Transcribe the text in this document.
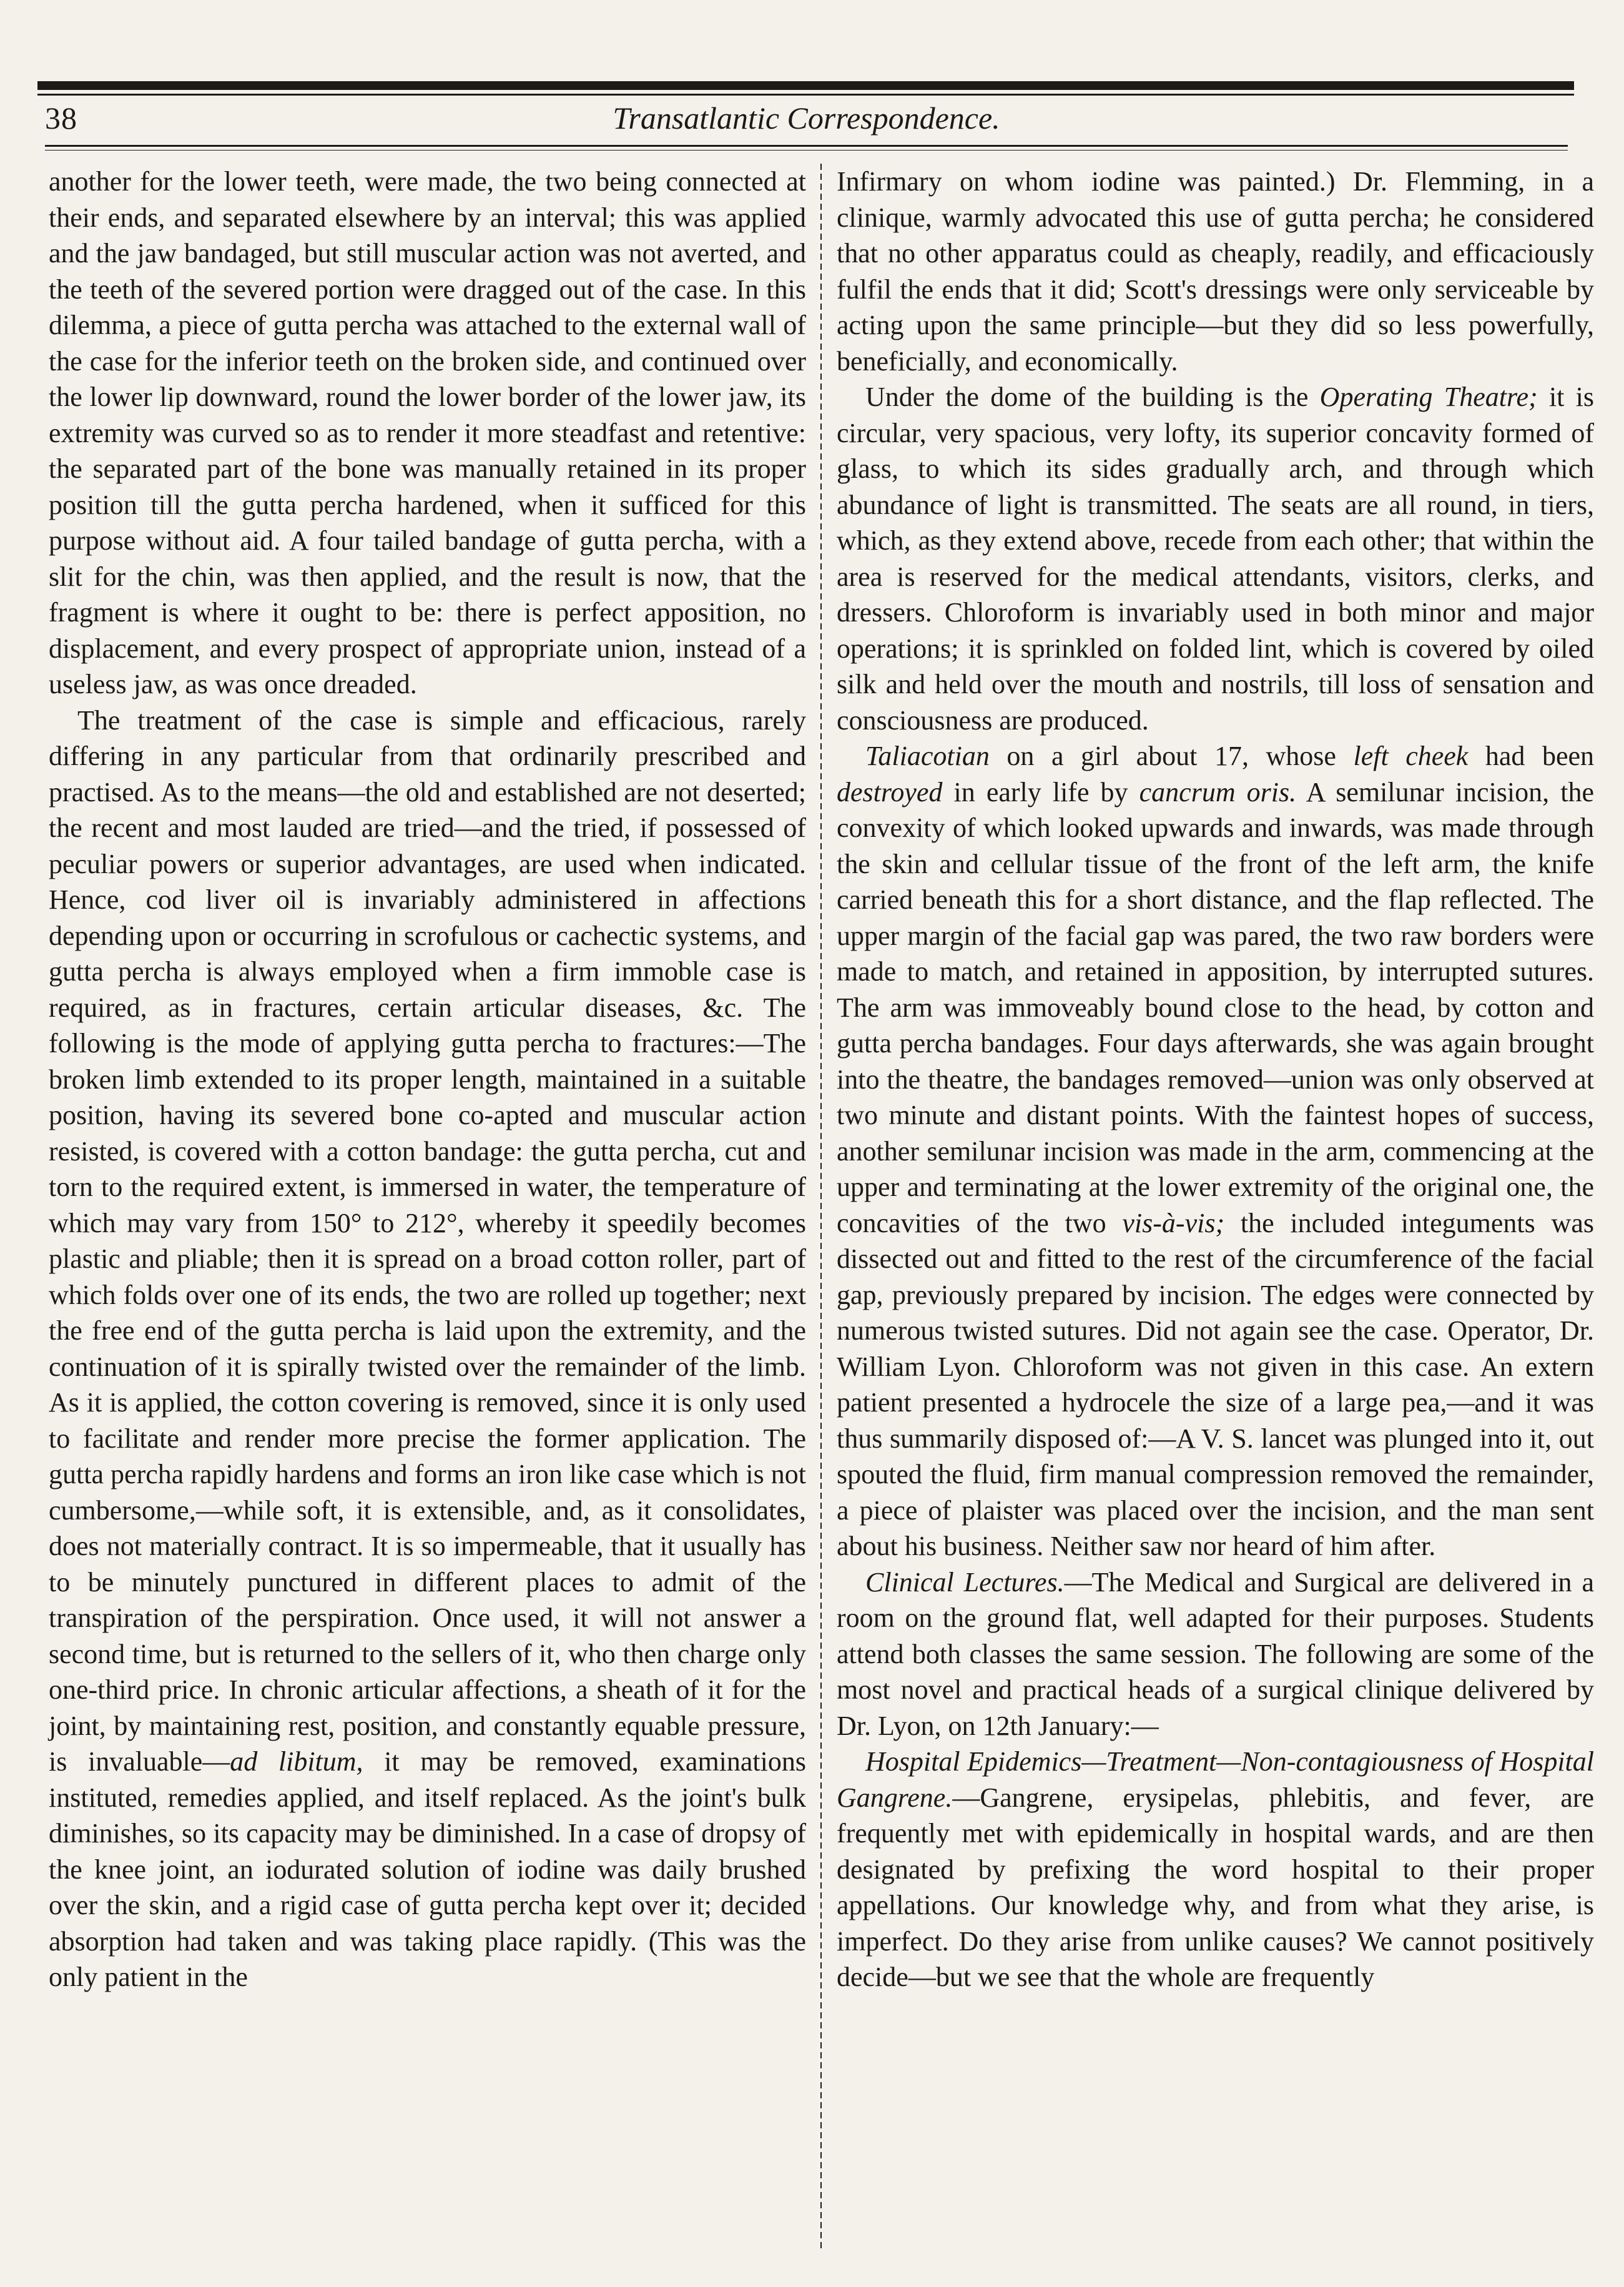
38	Transatlantic Correspondence.

another for the lower teeth, were made, the two being connected at their ends, and separated elsewhere by an interval; this was applied and the jaw bandaged, but still muscular action was not averted, and the teeth of the severed portion were dragged out of the case. In this dilemma, a piece of gutta percha was attached to the external wall of the case for the inferior teeth on the broken side, and continued over the lower lip downward, round the lower border of the lower jaw, its extremity was curved so as to render it more steadfast and retentive: the separated part of the bone was manually retained in its proper position till the gutta percha hardened, when it sufficed for this purpose without aid. A four tailed bandage of gutta percha, with a slit for the chin, was then applied, and the result is now, that the fragment is where it ought to be: there is perfect apposition, no displacement, and every prospect of appropriate union, instead of a useless jaw, as was once dreaded.

The treatment of the case is simple and efficacious, rarely differing in any particular from that ordinarily prescribed and practised. As to the means—the old and established are not deserted; the recent and most lauded are tried—and the tried, if possessed of peculiar powers or superior advantages, are used when indicated. Hence, cod liver oil is invariably administered in affections depending upon or occurring in scrofulous or cachectic systems, and gutta percha is always employed when a firm immoble case is required, as in fractures, certain articular diseases, &c. The following is the mode of applying gutta percha to fractures:—The broken limb extended to its proper length, maintained in a suitable position, having its severed bone co-apted and muscular action resisted, is covered with a cotton bandage: the gutta percha, cut and torn to the required extent, is immersed in water, the temperature of which may vary from 150° to 212°, whereby it speedily becomes plastic and pliable; then it is spread on a broad cotton roller, part of which folds over one of its ends, the two are rolled up together; next the free end of the gutta percha is laid upon the extremity, and the continuation of it is spirally twisted over the remainder of the limb. As it is applied, the cotton covering is removed, since it is only used to facilitate and render more precise the former application. The gutta percha rapidly hardens and forms an iron like case which is not cumbersome,—while soft, it is extensible, and, as it consolidates, does not materially contract. It is so impermeable, that it usually has to be minutely punctured in different places to admit of the transpiration of the perspiration. Once used, it will not answer a second time, but is returned to the sellers of it, who then charge only one-third price. In chronic articular affections, a sheath of it for the joint, by maintaining rest, position, and constantly equable pressure, is invaluable—ad libitum, it may be removed, examinations instituted, remedies applied, and itself replaced. As the joint's bulk diminishes, so its capacity may be diminished. In a case of dropsy of the knee joint, an iodurated solution of iodine was daily brushed over the skin, and a rigid case of gutta percha kept over it; decided absorption had taken and was taking place rapidly. (This was the only patient in the

Infirmary on whom iodine was painted.) Dr. Flemming, in a clinique, warmly advocated this use of gutta percha; he considered that no other apparatus could as cheaply, readily, and efficaciously fulfil the ends that it did; Scott's dressings were only serviceable by acting upon the same principle—but they did so less powerfully, beneficially, and economically.

Under the dome of the building is the Operating Theatre; it is circular, very spacious, very lofty, its superior concavity formed of glass, to which its sides gradually arch, and through which abundance of light is transmitted. The seats are all round, in tiers, which, as they extend above, recede from each other; that within the area is reserved for the medical attendants, visitors, clerks, and dressers. Chloroform is invariably used in both minor and major operations; it is sprinkled on folded lint, which is covered by oiled silk and held over the mouth and nostrils, till loss of sensation and consciousness are produced.

Taliacotian on a girl about 17, whose left cheek had been destroyed in early life by cancrum oris. A semilunar incision, the convexity of which looked upwards and inwards, was made through the skin and cellular tissue of the front of the left arm, the knife carried beneath this for a short distance, and the flap reflected. The upper margin of the facial gap was pared, the two raw borders were made to match, and retained in apposition, by interrupted sutures. The arm was immoveably bound close to the head, by cotton and gutta percha bandages. Four days afterwards, she was again brought into the theatre, the bandages removed—union was only observed at two minute and distant points. With the faintest hopes of success, another semilunar incision was made in the arm, commencing at the upper and terminating at the lower extremity of the original one, the concavities of the two vis-à-vis; the included integuments was dissected out and fitted to the rest of the circumference of the facial gap, previously prepared by incision. The edges were connected by numerous twisted sutures. Did not again see the case. Operator, Dr. William Lyon. Chloroform was not given in this case. An extern patient presented a hydrocele the size of a large pea,—and it was thus summarily disposed of:—A V. S. lancet was plunged into it, out spouted the fluid, firm manual compression removed the remainder, a piece of plaister was placed over the incision, and the man sent about his business. Neither saw nor heard of him after.

Clinical Lectures.—The Medical and Surgical are delivered in a room on the ground flat, well adapted for their purposes. Students attend both classes the same session. The following are some of the most novel and practical heads of a surgical clinique delivered by Dr. Lyon, on 12th January:—

Hospital Epidemics—Treatment—Non-contagiousness of Hospital Gangrene.—Gangrene, erysipelas, phlebitis, and fever, are frequently met with epidemically in hospital wards, and are then designated by prefixing the word hospital to their proper appellations. Our knowledge why, and from what they arise, is imperfect. Do they arise from unlike causes? We cannot positively decide—but we see that the whole are frequently
